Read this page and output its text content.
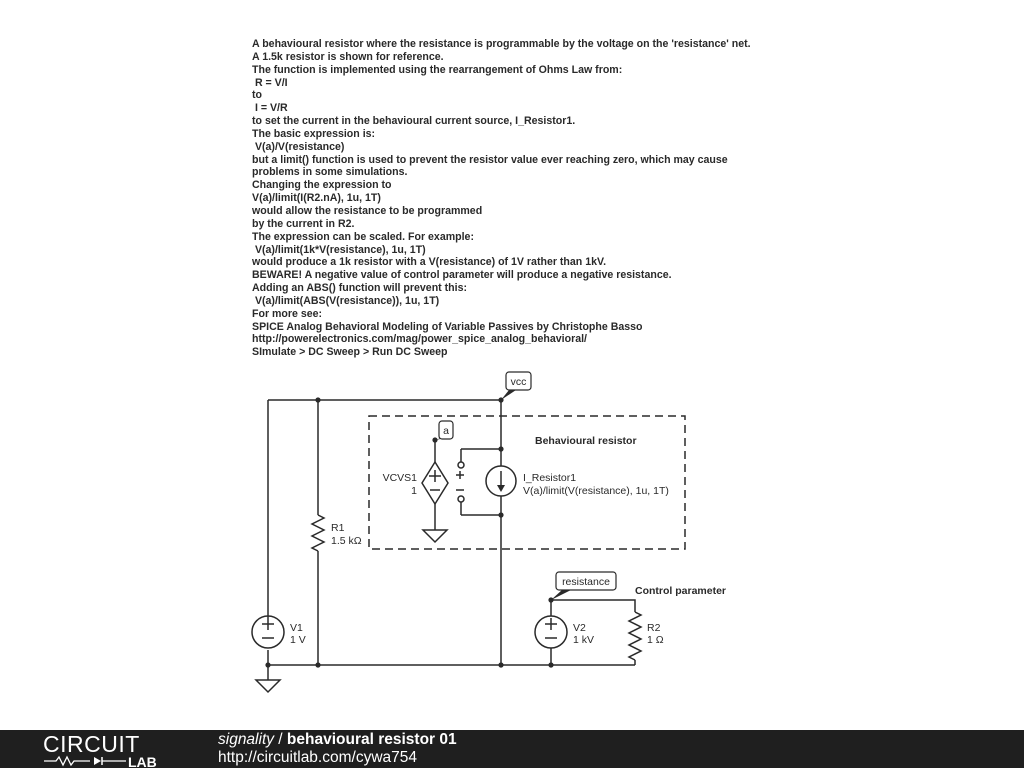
A behavioural resistor where the resistance is programmable by the voltage on the 'resistance' net.
A 1.5k resistor is shown for reference.
The function is implemented using the rearrangement of Ohms Law from:
R = V/I
to
I = V/R
to set the current in the behavioural current source, I_Resistor1.
The basic expression is:
V(a)/V(resistance)
but a limit() function is used to prevent the resistor value ever reaching zero, which may cause
problems in some simulations.
Changing the expression to
V(a)/limit(I(R2.nA), 1u, 1T)
would allow the resistance to be programmed
by the current in R2.
The expression can be scaled. For example:
V(a)/limit(1k*V(resistance), 1u, 1T)
would produce a 1k resistor with a V(resistance) of 1V rather than 1kV.
BEWARE! A negative value of control parameter will produce a negative resistance.
Adding an ABS() function will prevent this:
V(a)/limit(ABS(V(resistance)), 1u, 1T)
For more see:
SPICE Analog Behavioral Modeling of Variable Passives by Christophe Basso
http://powerelectronics.com/mag/power_spice_analog_behavioral/
SImulate > DC Sweep > Run DC Sweep
vcc
a
resistance
Behavioural resistor
Control parameter
R1
1.5 kΩ
V1
1 V
VCVS1
1
I_Resistor1
V(a)/limit(V(resistance), 1u, 1T)
V2
1 kV
R2
1 Ω
CIRCUIT
LAB
signality / behavioural resistor 01
http://circuitlab.com/cywa754
